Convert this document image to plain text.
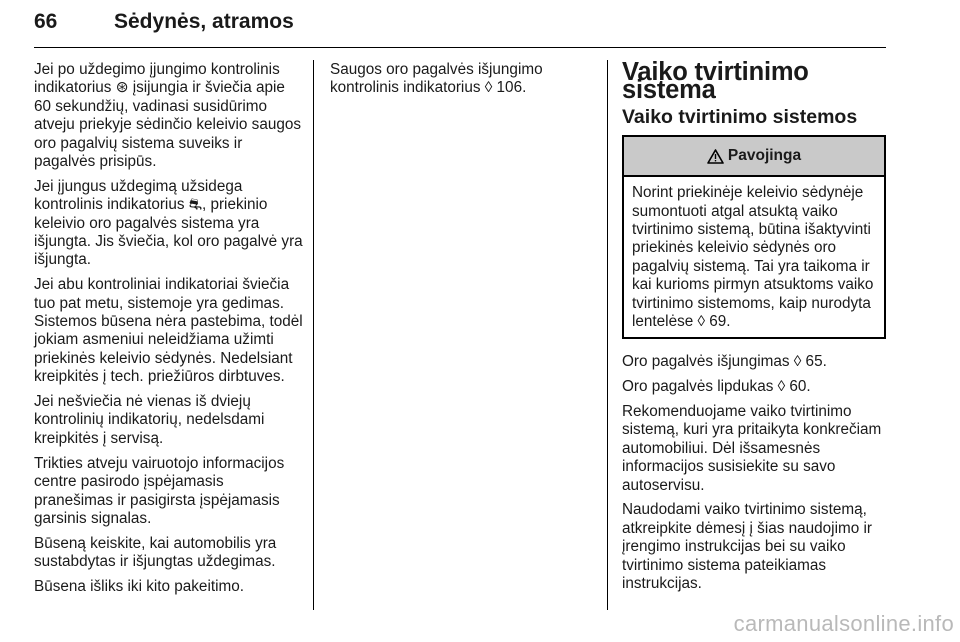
66	Sėdynės, atramos

Jei po uždegimo įjungimo kontrolinis indikatorius ⊛ įsijungia ir šviečia apie 60 sekundžių, vadinasi susidūrimo atveju priekyje sėdinčio keleivio saugos oro pagalvių sistema suveiks ir pagalvės prisipūs.

Jei įjungus uždegimą užsidega kontrolinis indikatorius ⛐, priekinio keleivio oro pagalvės sistema yra išjungta. Jis šviečia, kol oro pagalvė yra išjungta.

Jei abu kontroliniai indikatoriai šviečia tuo pat metu, sistemoje yra gedimas. Sistemos būsena nėra pastebima, todėl jokiam asmeniui neleidžiama užimti priekinės keleivio sėdynės. Nedelsiant kreipkitės į tech. priežiūros dirbtuves.

Jei nešviečia nė vienas iš dviejų kontrolinių indikatorių, nedelsdami kreipkitės į servisą.

Trikties atveju vairuotojo informacijos centre pasirodo įspėjamasis pranešimas ir pasigirsta įspėjamasis garsinis signalas.

Būseną keiskite, kai automobilis yra sustabdytas ir išjungtas uždegimas.

Būsena išliks iki kito pakeitimo.

Saugos oro pagalvės išjungimo kontrolinis indikatorius ◊ 106.

Vaiko tvirtinimo sistema
Vaiko tvirtinimo sistemos
Pavojinga
Norint priekinėje keleivio sėdynėje sumontuoti atgal atsuktą vaiko tvirtinimo sistemą, būtina išaktyvinti priekinės keleivio sėdynės oro pagalvių sistemą. Tai yra taikoma ir kai kurioms pirmyn atsuktoms vaiko tvirtinimo sistemoms, kaip nurodyta lentelėse ◊ 69.

Oro pagalvės išjungimas ◊ 65.

Oro pagalvės lipdukas ◊ 60.

Rekomenduojame vaiko tvirtinimo sistemą, kuri yra pritaikyta konkrečiam automobiliui. Dėl išsamesnės informacijos susisiekite su savo autoservisu.

Naudodami vaiko tvirtinimo sistemą, atkreipkite dėmesį į šias naudojimo ir įrengimo instrukcijas bei su vaiko tvirtinimo sistema pateikiamas instrukcijas.

carmanualsonline.info
